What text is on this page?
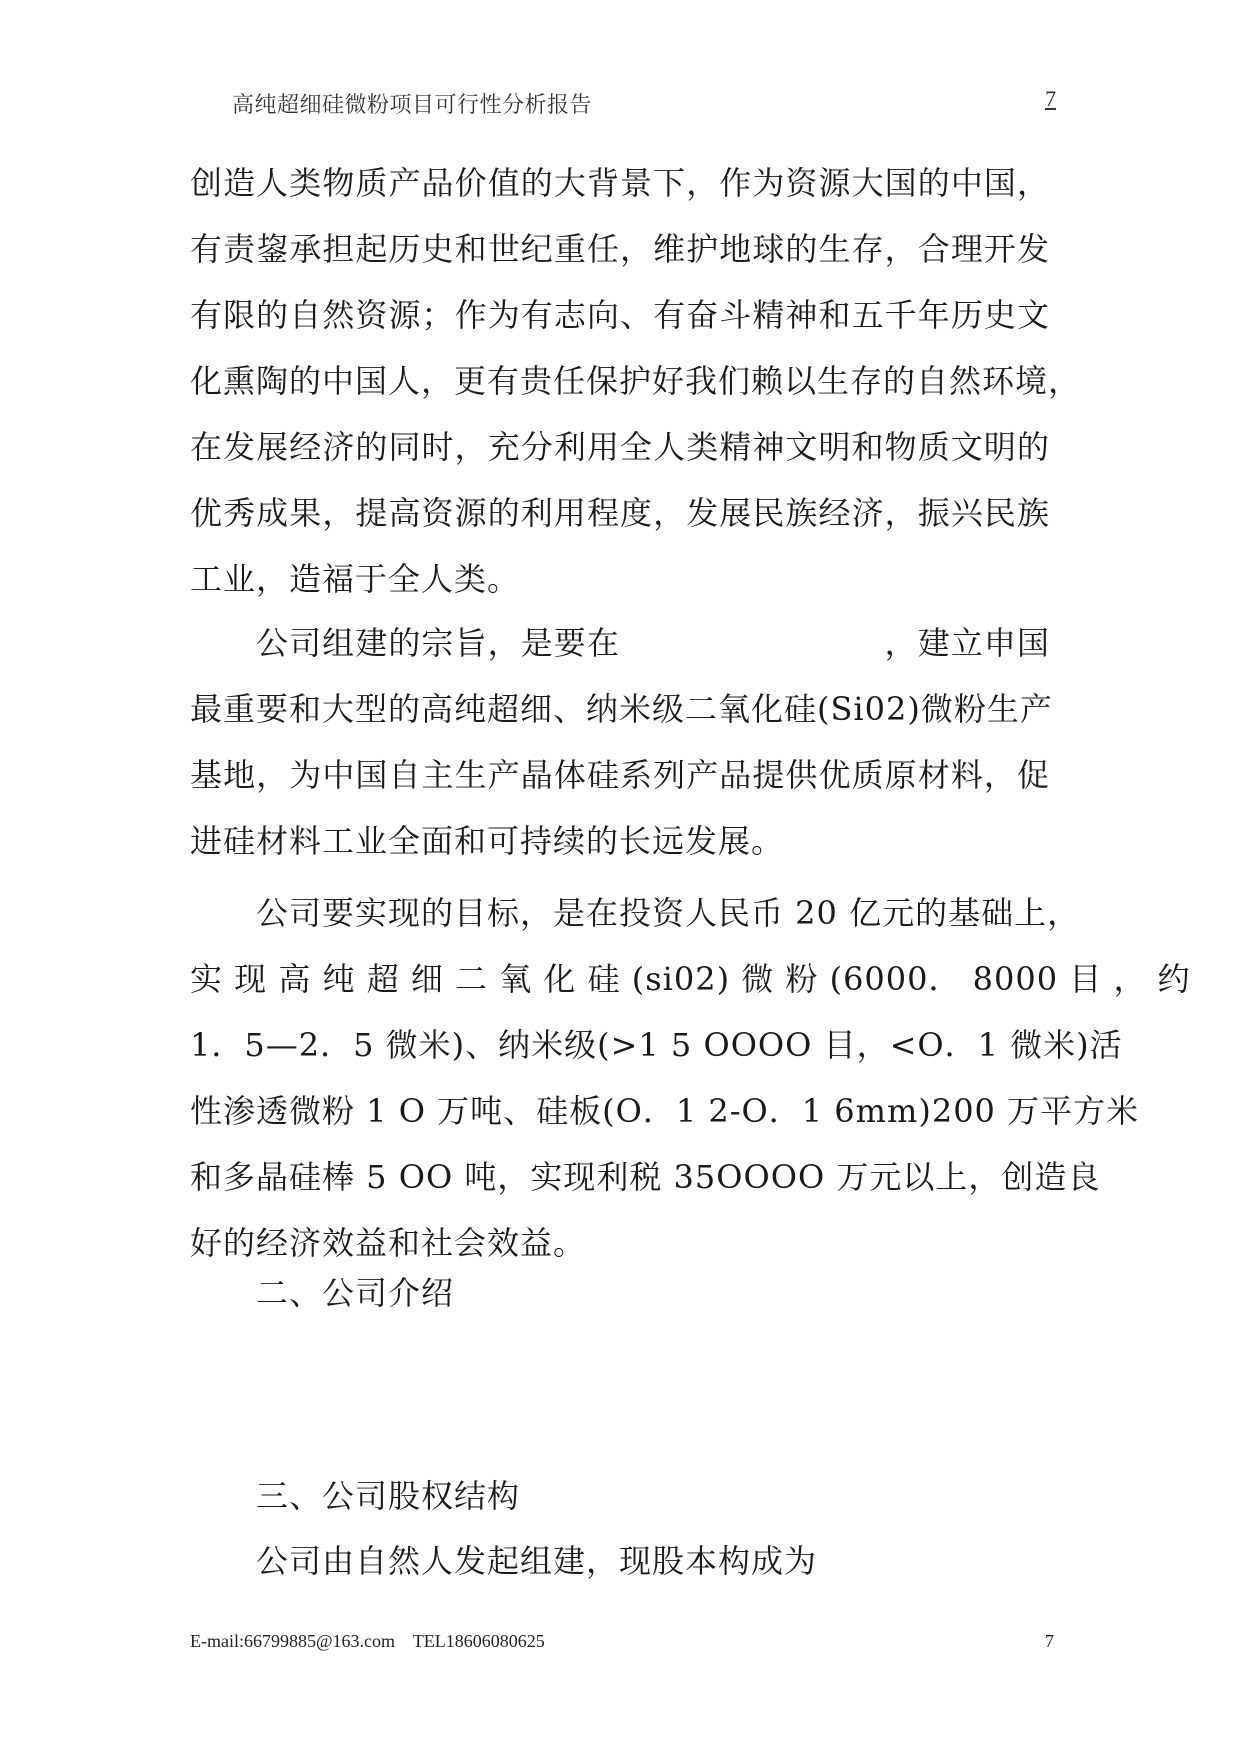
高纯超细硅微粉项目可行性分析报告	7
创造人类物质产品价值的大背景下，作为资源大国的中国，
有责鋆承担起历史和世纪重任，维护地球的生存，合理开发
有限的自然资源；作为有志向、有奋斗精神和五千年历史文
化熏陶的中国人，更有贵任保护好我们赖以生存的自然环境，
在发展经济的同时，充分利用全人类精神文明和物质文明的
优秀成果，提高资源的利用程度，发展民族经济，振兴民族
工业，造福于全人类。
公司组建的宗旨，是要在　　　　　　　　，建立申国
最重要和大型的高纯超细、纳米级二氧化硅(Si02)微粉生产
基地，为中国自主生产晶体硅系列产品提供优质原材料，促
进硅材料工业全面和可持续的长远发展。
公司要实现的目标，是在投资人民币 20 亿元的基础上，
实 现 高 纯 超 细 二 氧 化 硅 (si02) 微 粉 (6000． 8000 目 ， 约
1．5—2．5 微米)、纳米级(>1 5 OOOO 目，<O．1 微米)活
性渗透微粉 1 O 万吨、硅板(O．1 2-O．1 6mm)200 万平方米
和多晶硅棒 5 OO 吨，实现利税 35OOOO 万元以上，创造良
好的经济效益和社会效益。
二、公司介绍
三、公司股权结构
公司由自然人发起组建，现股本构成为
E-mail:66799885@163.com    TEL18606080625	7
